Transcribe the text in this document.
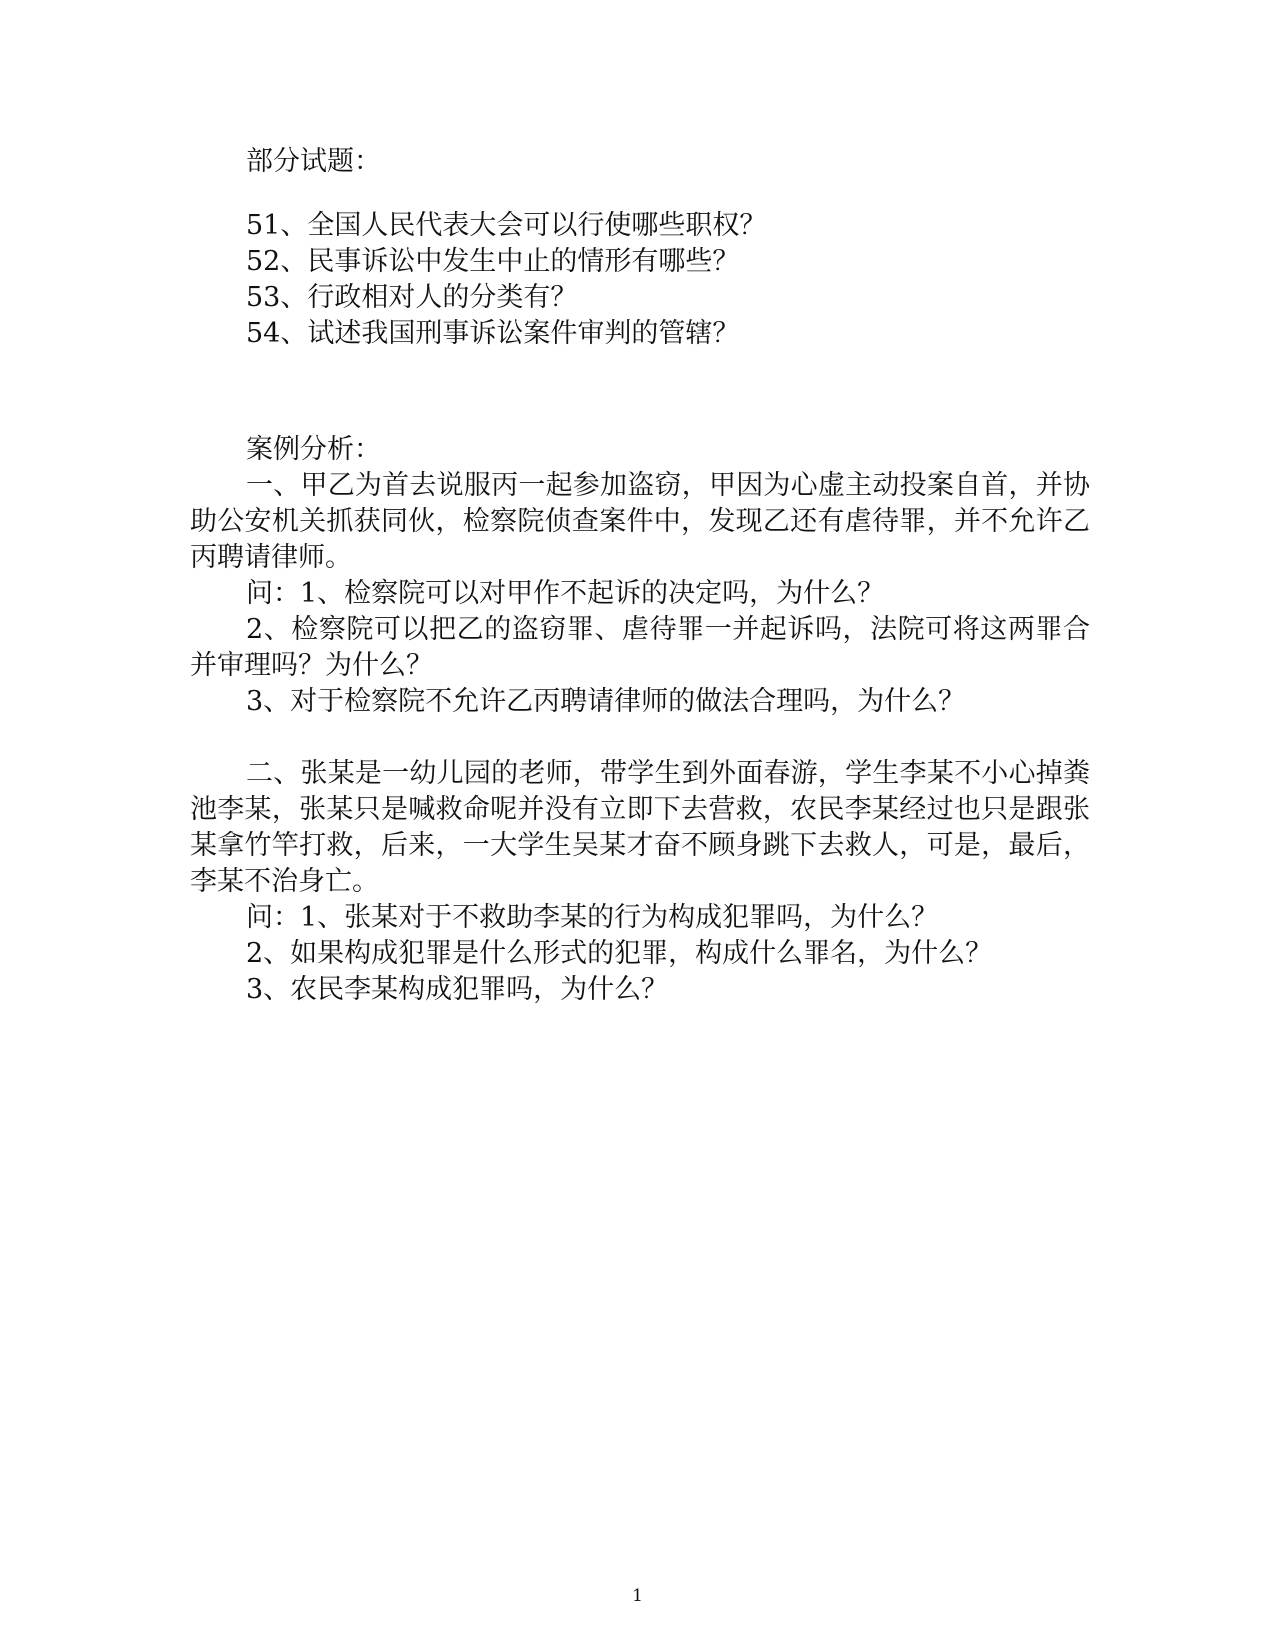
部分试题：
51、全国人民代表大会可以行使哪些职权？
52、民事诉讼中发生中止的情形有哪些？
53、行政相对人的分类有？
54、试述我国刑事诉讼案件审判的管辖？
案例分析：

一、甲乙为首去说服丙一起参加盗窃，甲因为心虚主动投案自首，并协助公安机关抓获同伙，检察院侦查案件中，发现乙还有虐待罪，并不允许乙丙聘请律师。

问：1、检察院可以对甲作不起诉的决定吗，为什么？

2、检察院可以把乙的盗窃罪、虐待罪一并起诉吗，法院可将这两罪合并审理吗？为什么？

3、对于检察院不允许乙丙聘请律师的做法合理吗，为什么？

二、张某是一幼儿园的老师，带学生到外面春游，学生李某不小心掉粪池李某，张某只是喊救命呢并没有立即下去营救，农民李某经过也只是跟张某拿竹竿打救，后来，一大学生吴某才奋不顾身跳下去救人，可是，最后，李某不治身亡。

问：1、张某对于不救助李某的行为构成犯罪吗，为什么？

2、如果构成犯罪是什么形式的犯罪，构成什么罪名，为什么？

3、农民李某构成犯罪吗，为什么？

1
